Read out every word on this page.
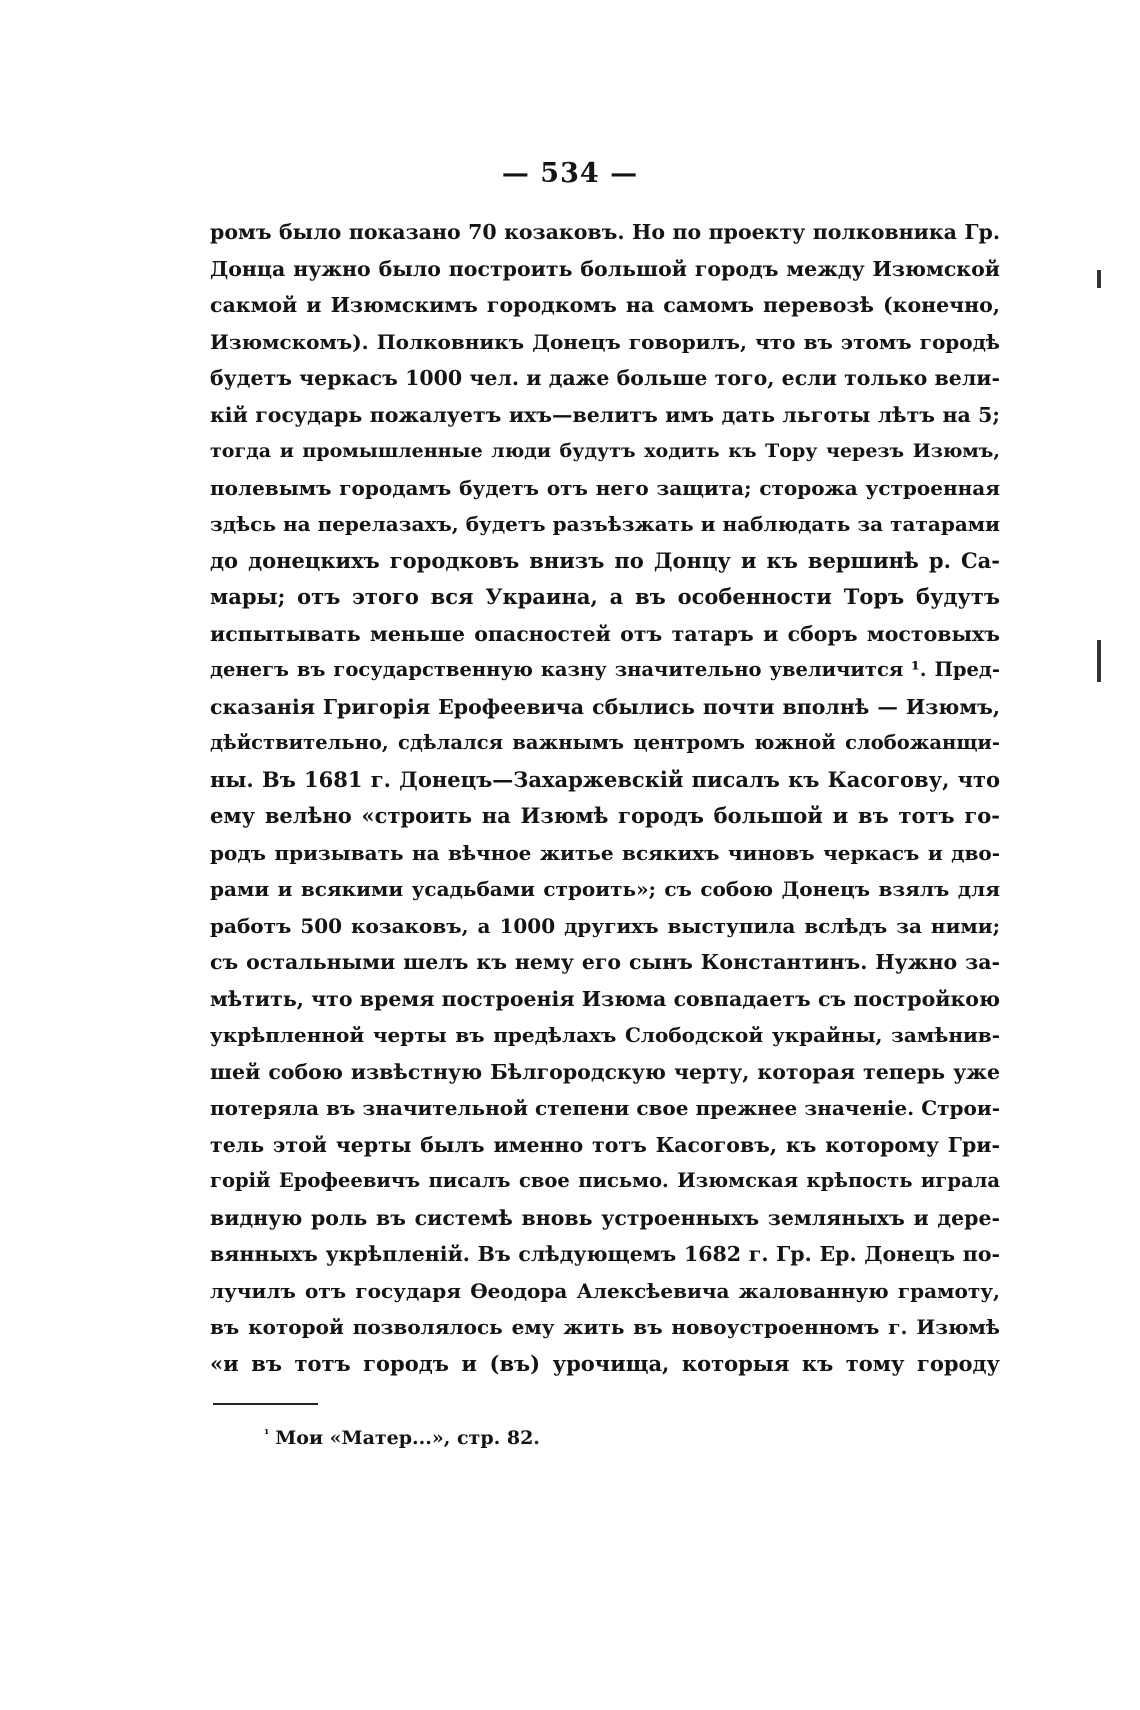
— 534 —
ромъ было показано 70 козаковъ. Но по проекту полковника Гр.
Донца нужно было построить большой городъ между Изюмской
сакмой и Изюмскимъ городкомъ на самомъ перевозѣ (конечно,
Изюмскомъ). Полковникъ Донецъ говорилъ, что въ этомъ городѣ
будетъ черкасъ 1000 чел. и даже больше того, если только вели-
кій государь пожалуетъ ихъ—велитъ имъ дать льготы лѣтъ на 5;
тогда и промышленные люди будутъ ходить къ Тору черезъ Изюмъ,
полевымъ городамъ будетъ отъ него защита; сторожа устроенная
здѣсь на перелазахъ, будетъ разъѣзжать и наблюдать за татарами
до донецкихъ городковъ внизъ по Донцу и къ вершинѣ р. Са-
мары; отъ этого вся Украина, а въ особенности Торъ будутъ
испытывать меньше опасностей отъ татаръ и сборъ мостовыхъ
денегъ въ государственную казну значительно увеличится ¹. Пред-
сказанія Григорія Ерофеевича сбылись почти вполнѣ — Изюмъ,
дѣйствительно, сдѣлался важнымъ центромъ южной слобожанщи-
ны. Въ 1681 г. Донецъ—Захаржевскій писалъ къ Касогову, что
ему велѣно «строить на Изюмѣ городъ большой и въ тотъ го-
родъ призывать на вѣчное житье всякихъ чиновъ черкасъ и дво-
рами и всякими усадьбами строить»; съ собою Донецъ взялъ для
работъ 500 козаковъ, а 1000 другихъ выступила вслѣдъ за ними;
съ остальными шелъ къ нему его сынъ Константинъ. Нужно за-
мѣтить, что время построенія Изюма совпадаетъ съ постройкою
укрѣпленной черты въ предѣлахъ Слободской украйны, замѣнив-
шей собою извѣстную Бѣлгородскую черту, которая теперь уже
потеряла въ значительной степени свое прежнее значеніе. Строи-
тель этой черты былъ именно тотъ Касоговъ, къ которому Гри-
горій Ерофеевичъ писалъ свое письмо. Изюмская крѣпость играла
видную роль въ системѣ вновь устроенныхъ земляныхъ и дере-
вянныхъ укрѣпленій. Въ слѣдующемъ 1682 г. Гр. Ер. Донецъ по-
лучилъ отъ государя Ѳеодора Алексѣевича жалованную грамоту,
въ которой позволялось ему жить въ новоустроенномъ г. Изюмѣ
«и въ тотъ городъ и (въ) урочища, которыя къ тому городу
$^{^1}$ Мои «Матер...», стр. 82.
